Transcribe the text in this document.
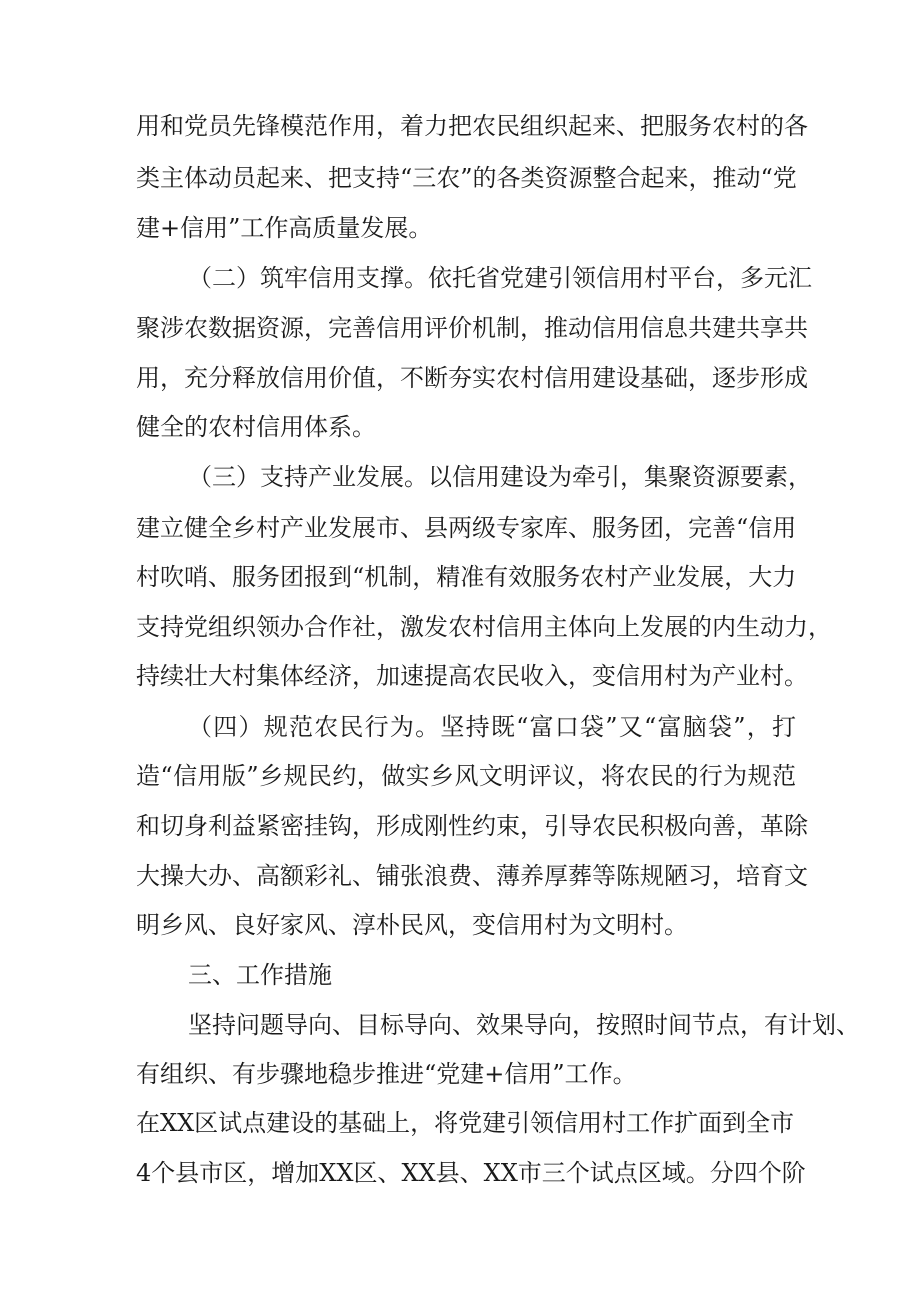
用和党员先锋模范作用，着力把农民组织起来、把服务农村的各
类主体动员起来、把支持“三农”的各类资源整合起来，推动“党
建+信用”工作高质量发展。
（二）筑牢信用支撑。依托省党建引领信用村平台，多元汇
聚涉农数据资源，完善信用评价机制，推动信用信息共建共享共
用，充分释放信用价值，不断夯实农村信用建设基础，逐步形成
健全的农村信用体系。
（三）支持产业发展。以信用建设为牵引，集聚资源要素，
建立健全乡村产业发展市、县两级专家库、服务团，完善“信用
村吹哨、服务团报到“机制，精准有效服务农村产业发展，大力
支持党组织领办合作社，激发农村信用主体向上发展的内生动力，
持续壮大村集体经济，加速提高农民收入，变信用村为产业村。
（四）规范农民行为。坚持既“富口袋”又“富脑袋”，打
造“信用版”乡规民约，做实乡风文明评议，将农民的行为规范
和切身利益紧密挂钩，形成刚性约束，引导农民积极向善，革除
大操大办、高额彩礼、铺张浪费、薄养厚葬等陈规陋习，培育文
明乡风、良好家风、淳朴民风，变信用村为文明村。
三、工作措施
坚持问题导向、目标导向、效果导向，按照时间节点，有计划、
有组织、有步骤地稳步推进“党建+信用”工作。
在XX区试点建设的基础上，将党建引领信用村工作扩面到全市
4个县市区，增加XX区、XX县、XX市三个试点区域。分四个阶
